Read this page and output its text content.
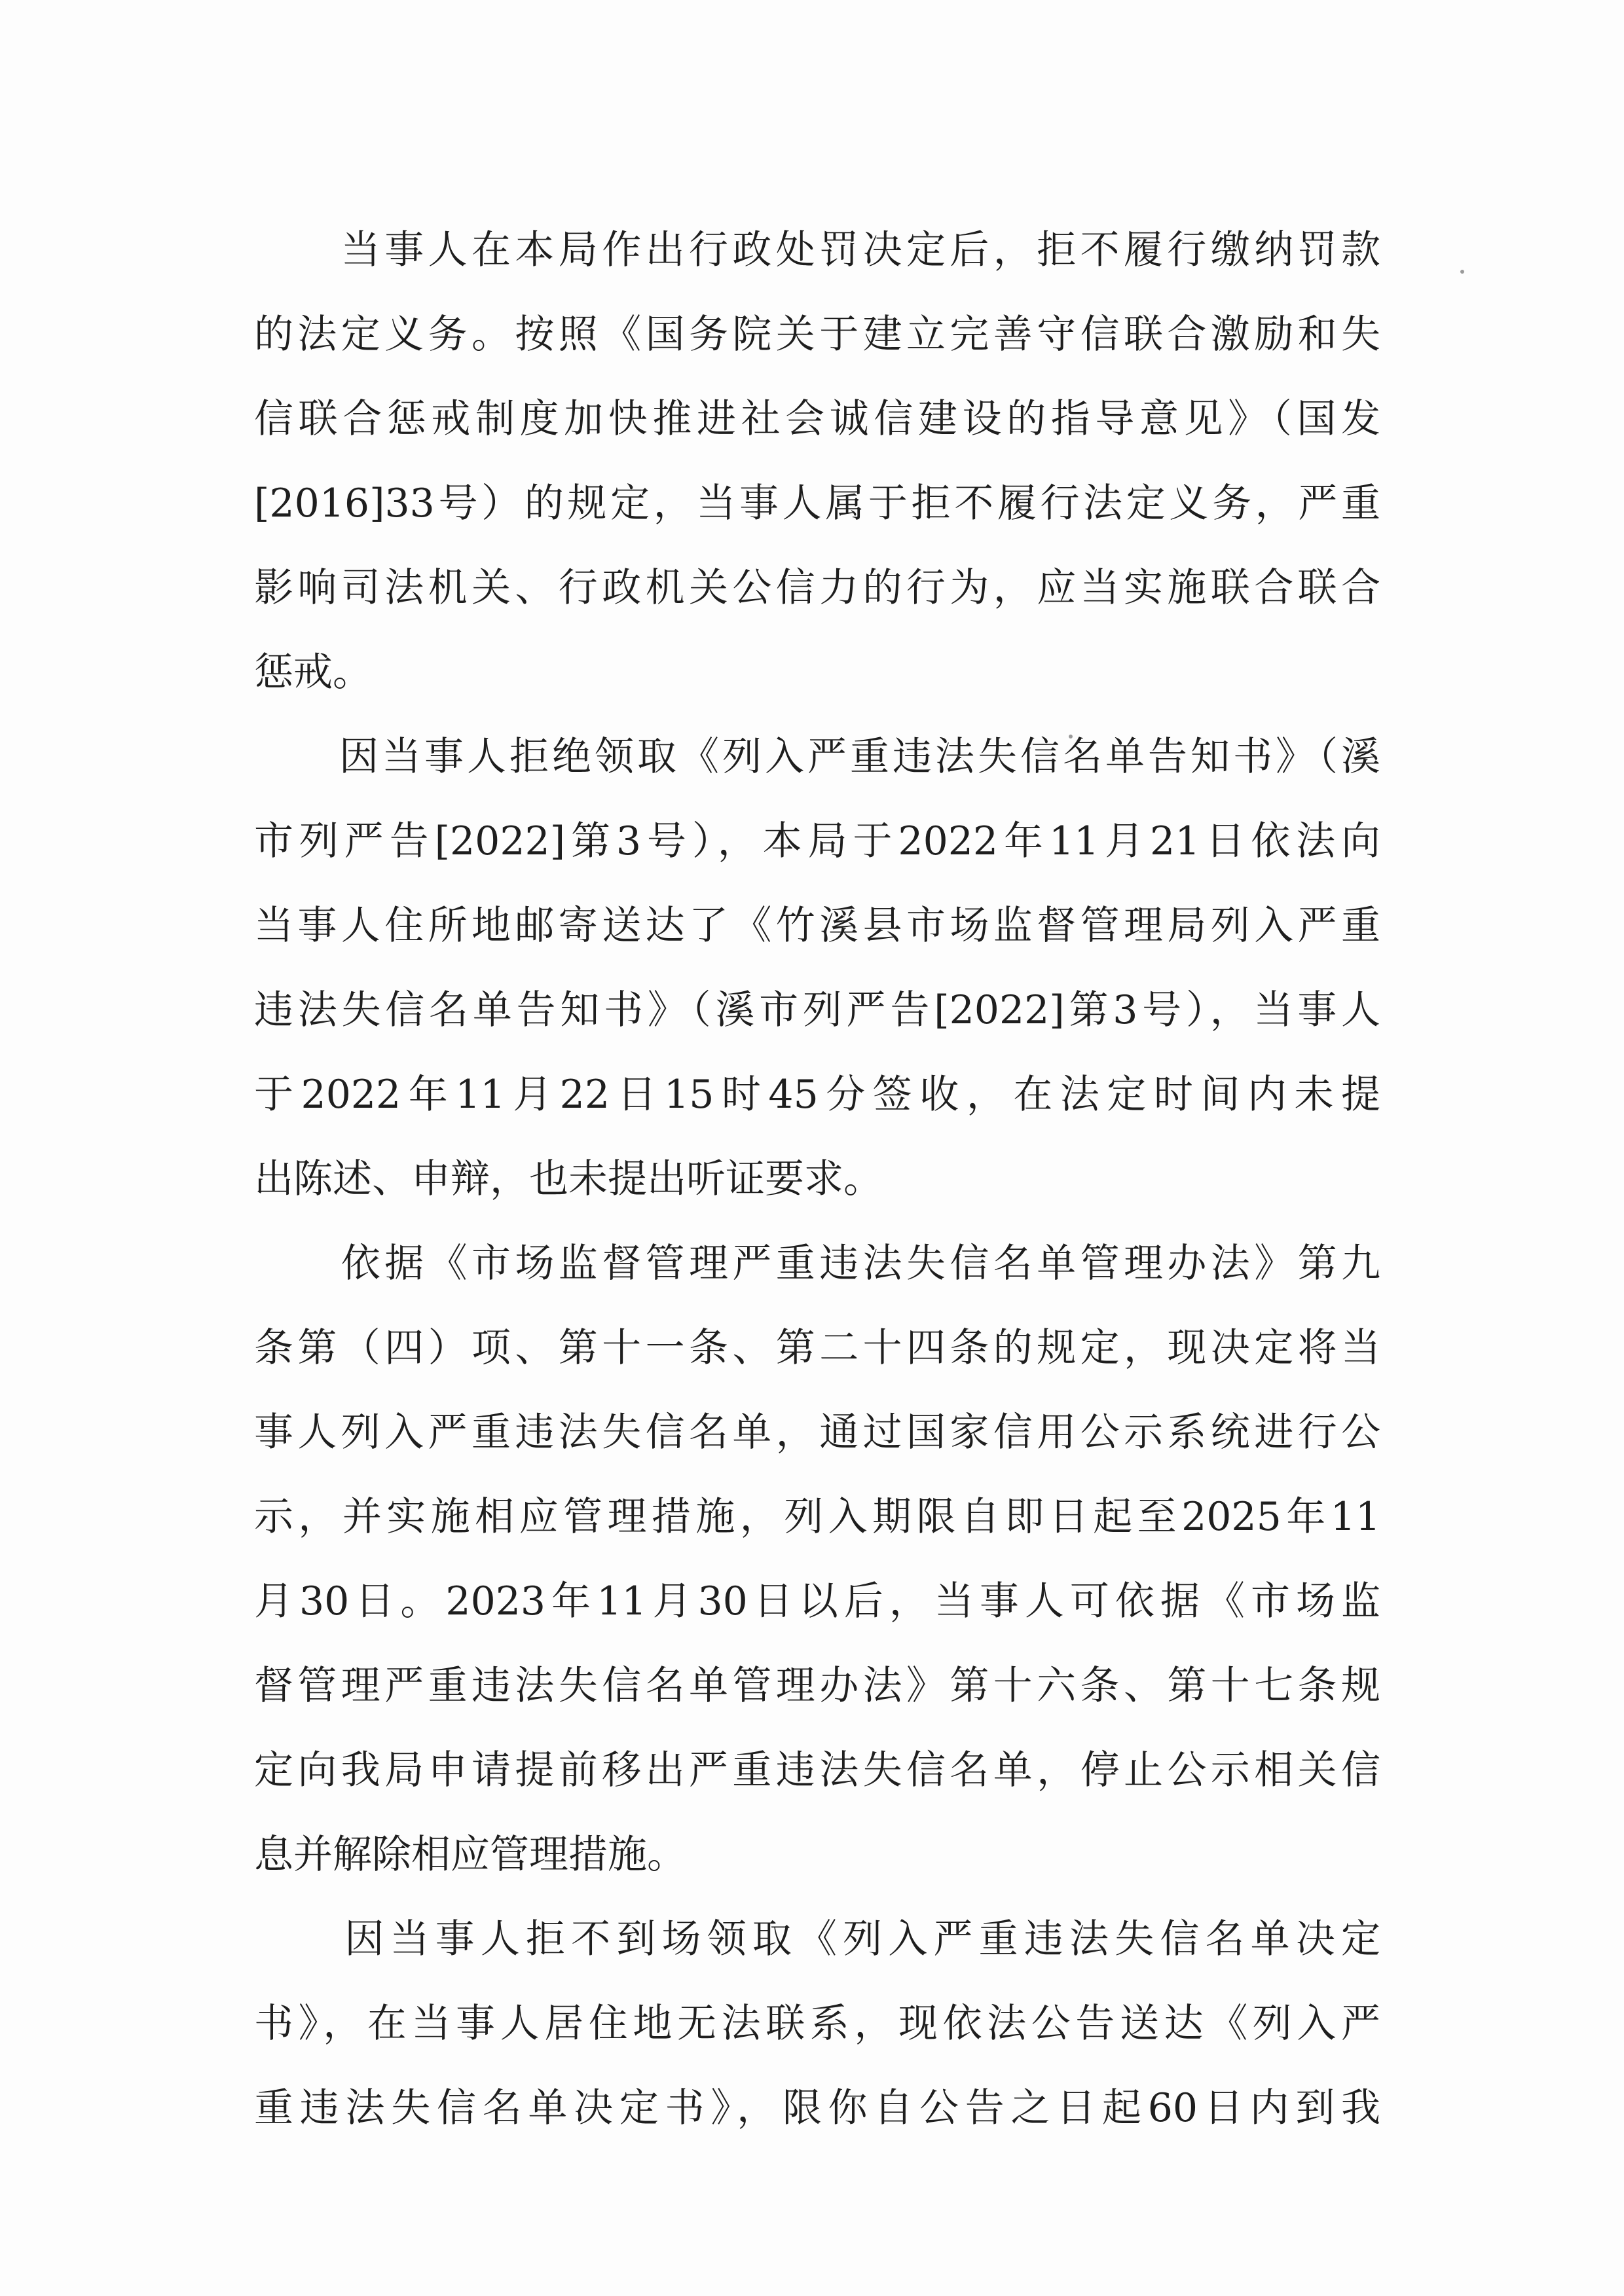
　　当事人在本局作出行政处罚决定后，拒不履行缴纳罚款
的法定义务。按照《国务院关于建立完善守信联合激励和失
信联合惩戒制度加快推进社会诚信建设的指导意见》（国发
[2016]33号）的规定，当事人属于拒不履行法定义务，严重
影响司法机关、行政机关公信力的行为，应当实施联合联合
惩戒。
　　因当事人拒绝领取《列入严重违法失信名单告知书》（溪
市列严告[2022]第3号），本局于2022年11月21日依法向
当事人住所地邮寄送达了《竹溪县市场监督管理局列入严重
违法失信名单告知书》（溪市列严告[2022]第3号），当事人
于2022年11月22日15时45分签收，在法定时间内未提
出陈述、申辩，也未提出听证要求。
　　依据《市场监督管理严重违法失信名单管理办法》第九
条第（四）项、第十一条、第二十四条的规定，现决定将当
事人列入严重违法失信名单，通过国家信用公示系统进行公
示，并实施相应管理措施，列入期限自即日起至2025年11
月30日。2023年11月30日以后，当事人可依据《市场监
督管理严重违法失信名单管理办法》第十六条、第十七条规
定向我局申请提前移出严重违法失信名单，停止公示相关信
息并解除相应管理措施。
　　因当事人拒不到场领取《列入严重违法失信名单决定
书》，在当事人居住地无法联系，现依法公告送达《列入严
重违法失信名单决定书》，限你自公告之日起60日内到我
